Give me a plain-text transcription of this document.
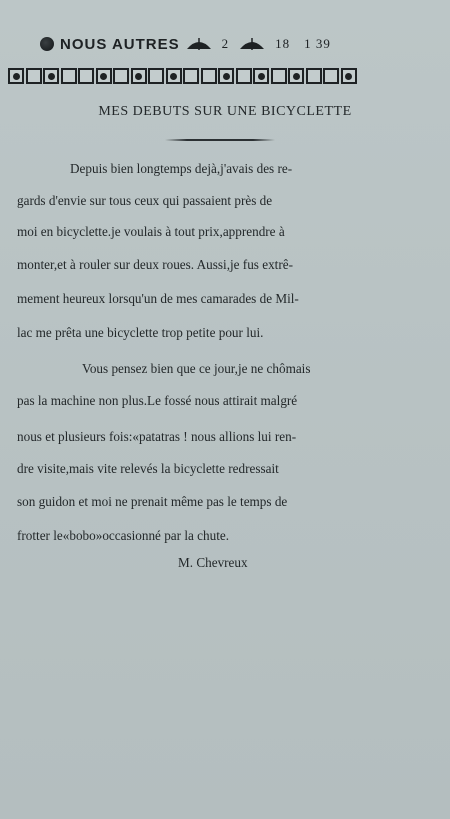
NOUS AUTRES	2	18 1 39
MES DEBUTS SUR UNE BICYCLETTE
Depuis bien longtemps dejà,j'avais des re-
gards d'envie sur tous ceux qui passaient près de
moi en bicyclette.je voulais à tout prix,apprendre à
monter,et à rouler sur deux roues. Aussi,je fus extrê-
mement heureux lorsqu'un de mes camarades de Mil-
lac me prêta une bicyclette trop petite pour lui.
Vous pensez bien que ce jour,je ne chômais
pas la machine non plus.Le fossé nous attirait malgré
nous et plusieurs fois:«patatras ! nous allions lui ren-
dre visite,mais vite relevés la bicyclette redressait
son guidon et moi ne prenait même pas le temps de
frotter le«bobo»occasionné par la chute.
M. Chevreux
